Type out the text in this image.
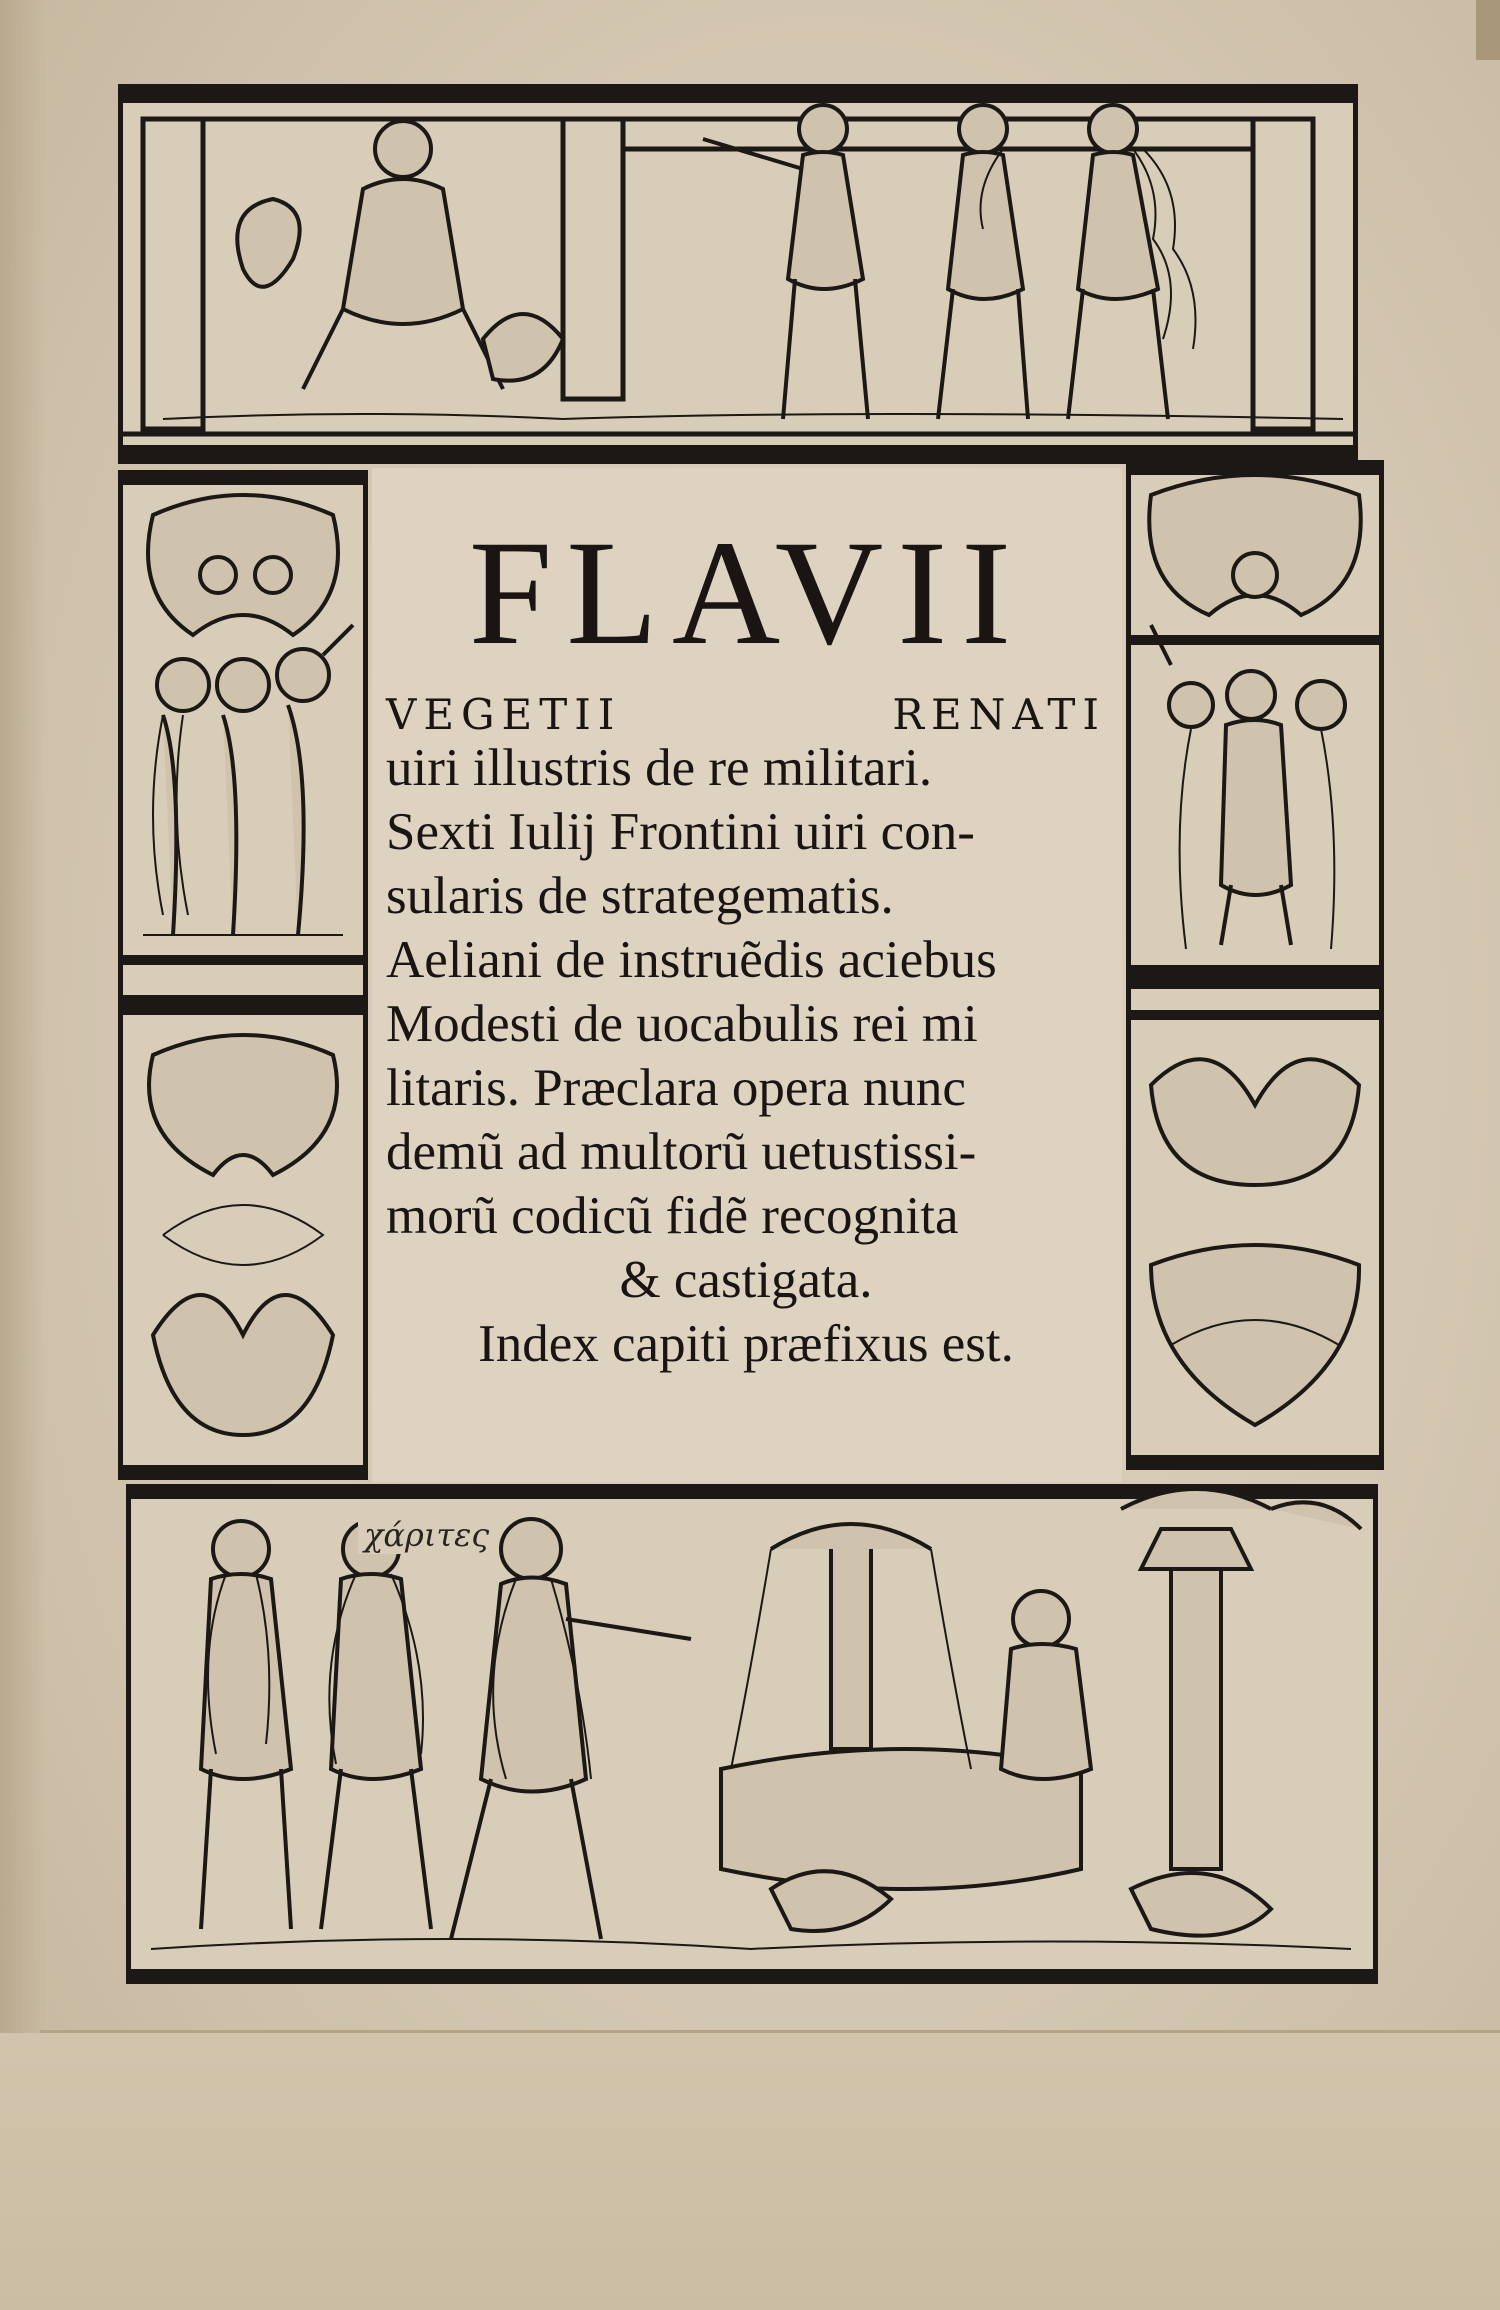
FLAVII
VEGETII RENATI
uiri illustris de re militari.
Sexti Iulij Frontini uiri con-
sularis de strategematis.
Aeliani de instruẽdis aciebus
Modesti de uocabulis rei mi
litaris. Præclara opera nunc
demũ ad multorũ uetustissi-
morũ codicũ fidẽ recognita
& castigata.
Index capiti præfixus est.
χάριτες
